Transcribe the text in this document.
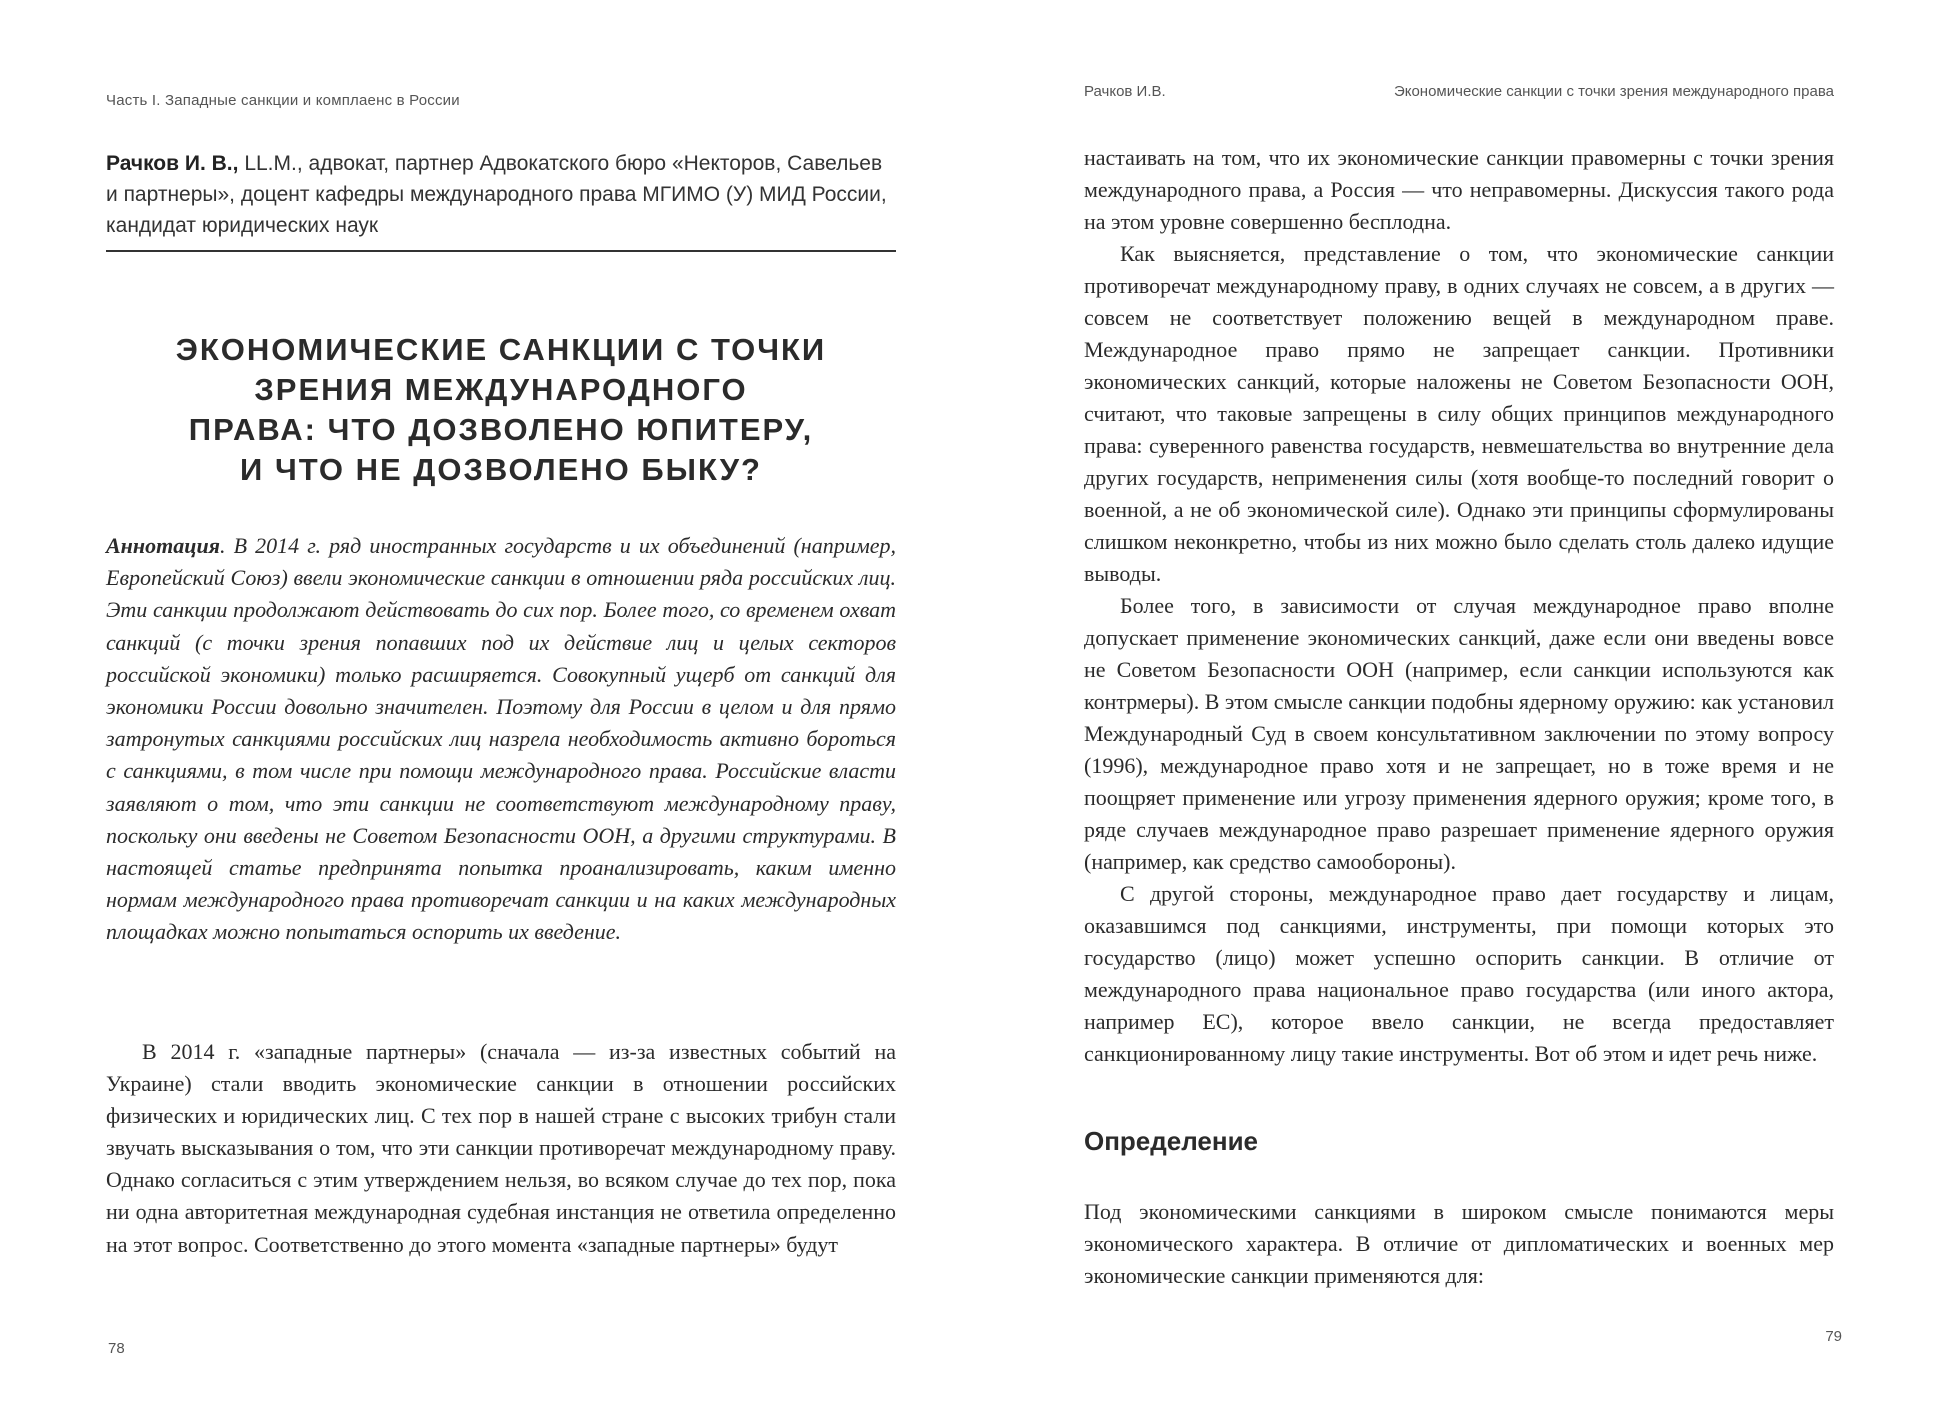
Часть I. Западные санкции и комплаенс в России
Рачков И. В., LL.M., адвокат, партнер Адвокатского бюро «Некторов, Савельев и партнеры», доцент кафедры международного права МГИМО (У) МИД России, кандидат юридических наук
ЭКОНОМИЧЕСКИЕ САНКЦИИ С ТОЧКИ
ЗРЕНИЯ МЕЖДУНАРОДНОГО
ПРАВА: ЧТО ДОЗВОЛЕНО ЮПИТЕРУ,
И ЧТО НЕ ДОЗВОЛЕНО БЫКУ?
Аннотация. В 2014 г. ряд иностранных государств и их объединений (например, Европейский Союз) ввели экономические санкции в отношении ряда российских лиц. Эти санкции продолжают действовать до сих пор. Более того, со временем охват санкций (с точки зрения попавших под их действие лиц и целых секторов российской экономики) только расширяется. Совокупный ущерб от санкций для экономики России довольно значителен. Поэтому для России в целом и для прямо затронутых санкциями российских лиц назрела необходимость активно бороться с санкциями, в том числе при помощи международного права. Российские власти заявляют о том, что эти санкции не соответствуют международному праву, поскольку они введены не Советом Безопасности ООН, а другими структурами. В настоящей статье предпринята попытка проанализировать, каким именно нормам международного права противоречат санкции и на каких международных площадках можно попытаться оспорить их введение.

В 2014 г. «западные партнеры» (сначала — из-за известных событий на Украине) стали вводить экономические санкции в отношении российских физических и юридических лиц. С тех пор в нашей стране с высоких трибун стали звучать высказывания о том, что эти санкции противоречат международному праву. Однако согласиться с этим утверждением нельзя, во всяком случае до тех пор, пока ни одна авторитетная международная судебная инстанция не ответила определенно на этот вопрос. Соответственно до этого момента «западные партнеры» будут

78
Рачков И.В.	Экономические санкции с точки зрения международного права

настаивать на том, что их экономические санкции правомерны с точки зрения международного права, а Россия — что неправомерны. Дискуссия такого рода на этом уровне совершенно бесплодна.

Как выясняется, представление о том, что экономические санкции противоречат международному праву, в одних случаях не совсем, а в других — совсем не соответствует положению вещей в международном праве. Международное право прямо не запрещает санкции. Противники экономических санкций, которые наложены не Советом Безопасности ООН, считают, что таковые запрещены в силу общих принципов международного права: суверенного равенства государств, невмешательства во внутренние дела других государств, неприменения силы (хотя вообще-то последний говорит о военной, а не об экономической силе). Однако эти принципы сформулированы слишком неконкретно, чтобы из них можно было сделать столь далеко идущие выводы.

Более того, в зависимости от случая международное право вполне допускает применение экономических санкций, даже если они введены вовсе не Советом Безопасности ООН (например, если санкции используются как контрмеры). В этом смысле санкции подобны ядерному оружию: как установил Международный Суд в своем консультативном заключении по этому вопросу (1996), международное право хотя и не запрещает, но в тоже время и не поощряет применение или угрозу применения ядерного оружия; кроме того, в ряде случаев международное право разрешает применение ядерного оружия (например, как средство самообороны).

С другой стороны, международное право дает государству и лицам, оказавшимся под санкциями, инструменты, при помощи которых это государство (лицо) может успешно оспорить санкции. В отличие от международного права национальное право государства (или иного актора, например ЕС), которое ввело санкции, не всегда предоставляет санкционированному лицу такие инструменты. Вот об этом и идет речь ниже.

Определение

Под экономическими санкциями в широком смысле понимаются меры экономического характера. В отличие от дипломатических и военных мер экономические санкции применяются для:

79
